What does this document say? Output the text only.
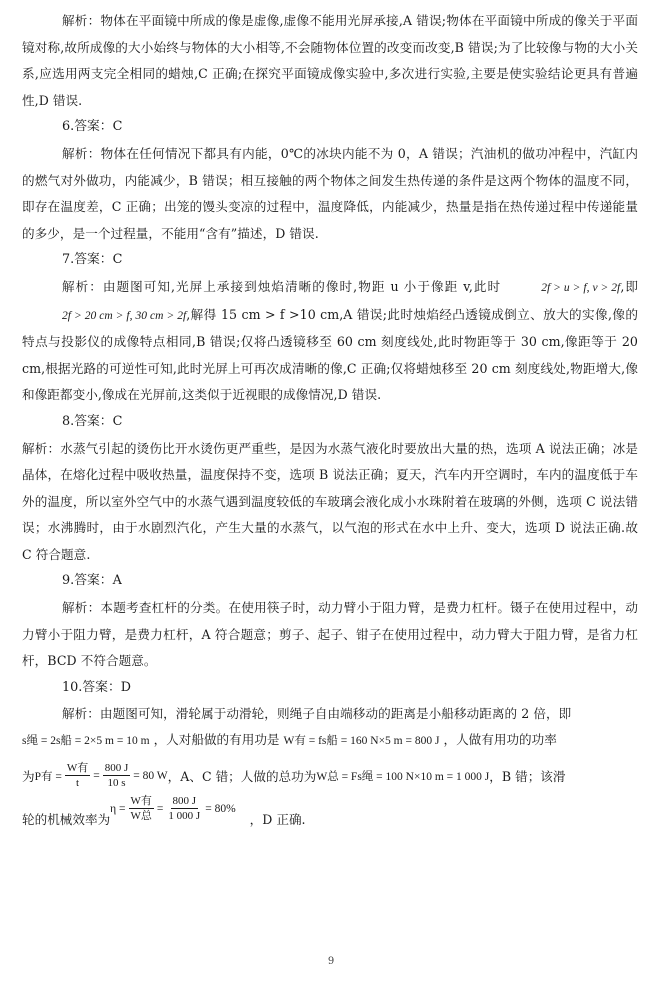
解析：物体在平面镜中所成的像是虚像,虚像不能用光屏承接,A 错误;物体在平面镜中所成的像关于平面镜对称,故所成像的大小始终与物体的大小相等,不会随物体位置的改变而改变,B 错误;为了比较像与物的大小关系,应选用两支完全相同的蜡烛,C 正确;在探究平面镜成像实验中,多次进行实验,主要是使实验结论更具有普遍性,D 错误.

6.答案：C

解析：物体在任何情况下都具有内能，0℃的冰块内能不为 0，A 错误；汽油机的做功冲程中，汽缸内的燃气对外做功，内能减少，B 错误；相互接触的两个物体之间发生热传递的条件是这两个物体的温度不同，即存在温度差，C 正确；出笼的馒头变凉的过程中，温度降低，内能减少，热量是指在热传递过程中传递能量的多少，是一个过程量，不能用“含有”描述，D 错误.

7.答案：C

解析：由题图可知,光屏上承接到烛焰清晰的像时,物距 u 小于像距 v,此时	2f > u > f, v > 2f,即2f > 20 cm > f, 30 cm > 2f,解得 15 cm > f >10 cm,A 错误;此时烛焰经凸透镜成倒立、放大的实像,像的特点与投影仪的成像特点相同,B 错误;仅将凸透镜移至 60 cm 刻度线处,此时物距等于 30 cm,像距等于 20 cm,根据光路的可逆性可知,此时光屏上可再次成清晰的像,C 正确;仅将蜡烛移至 20 cm 刻度线处,物距增大,像和像距都变小,像成在光屏前,这类似于近视眼的成像情况,D 错误.

8.答案：C

解析：水蒸气引起的烫伤比开水烫伤更严重些，是因为水蒸气液化时要放出大量的热，选项 A 说法正确；冰是晶体，在熔化过程中吸收热量，温度保持不变，选项 B 说法正确；夏天，汽车内开空调时，车内的温度低于车外的温度，所以室外空气中的水蒸气遇到温度较低的车玻璃会液化成小水珠附着在玻璃的外侧，选项 C 说法错误；水沸腾时，由于水剧烈汽化，产生大量的水蒸气，以气泡的形式在水中上升、变大，选项 D 说法正确.故 C 符合题意.

9.答案：A

解析：本题考查杠杆的分类。在使用筷子时，动力臂小于阻力臂，是费力杠杆。镊子在使用过程中，动力臂小于阻力臂，是费力杠杆，A 符合题意；剪子、起子、钳子在使用过程中，动力臂大于阻力臂，是省力杠杆，BCD 不符合题意。

10.答案：D

解析：由题图可知，滑轮属于动滑轮，则绳子自由端移动的距离是小船移动距离的 2 倍，即

s绳 = 2s船 = 2×5 m = 10 m ，人对船做的有用功是 W有 = fs船 = 160 N×5 m = 800 J ，人做有用功的功率

为 P有 = $\frac{\text{W有}}{t} = \frac{800 J}{10 s} = 80$ W ，A、C 错；人做的总功为 W总 = Fs绳 = 100 N×10 m = 1 000 J ，B 错；该滑
轮的机械效率为
$\eta = \frac{\text{W有}}{\text{W总}} = \frac{800 J}{1 000 J} = 80\%$
，D 正确.
9
